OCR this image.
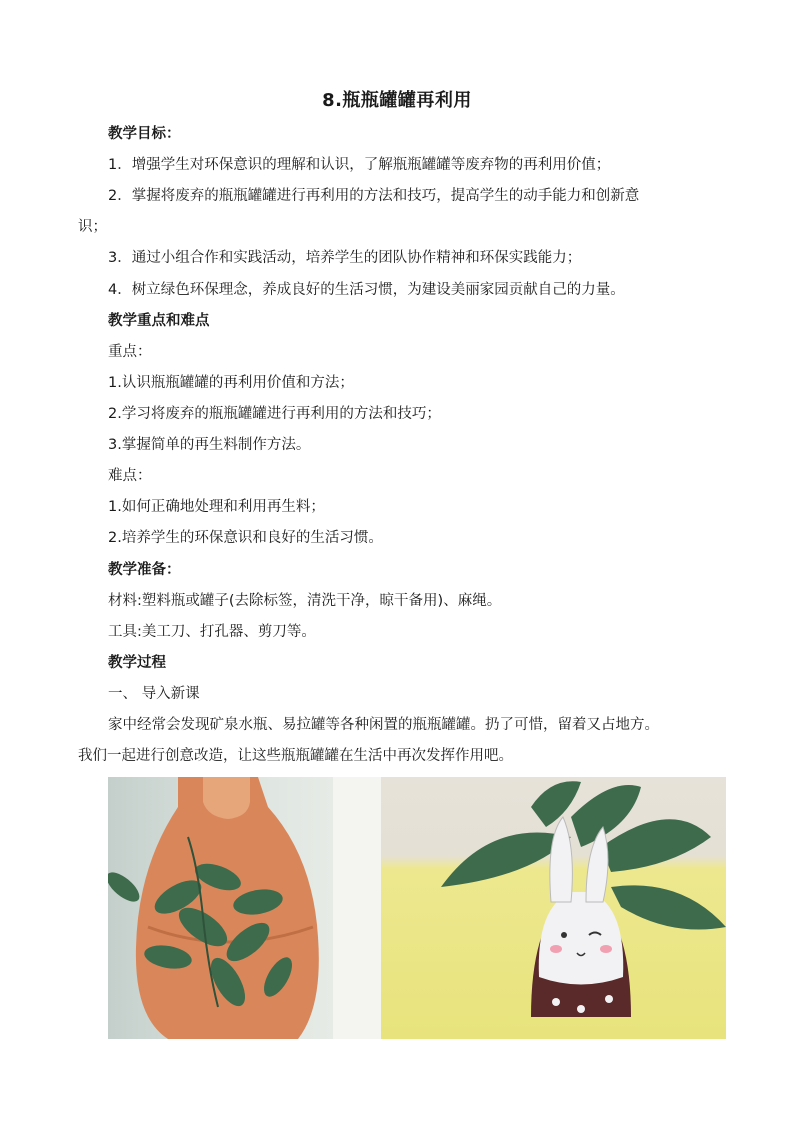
8.瓶瓶罐罐再利用
教学目标：
1．增强学生对环保意识的理解和认识，了解瓶瓶罐罐等废弃物的再利用价值；
2．掌握将废弃的瓶瓶罐罐进行再利用的方法和技巧，提高学生的动手能力和创新意
识；
3．通过小组合作和实践活动，培养学生的团队协作精神和环保实践能力；
4．树立绿色环保理念，养成良好的生活习惯，为建设美丽家园贡献自己的力量。
教学重点和难点
重点：
1.认识瓶瓶罐罐的再利用价值和方法；
2.学习将废弃的瓶瓶罐罐进行再利用的方法和技巧；
3.掌握简单的再生料制作方法。
难点：
1.如何正确地处理和利用再生料；
2.培养学生的环保意识和良好的生活习惯。
教学准备：
材料:塑料瓶或罐子(去除标签，清洗干净，晾干备用)、麻绳。
工具:美工刀、打孔器、剪刀等。
教学过程
一、 导入新课
家中经常会发现矿泉水瓶、易拉罐等各种闲置的瓶瓶罐罐。扔了可惜，留着又占地方。
我们一起进行创意改造，让这些瓶瓶罐罐在生活中再次发挥作用吧。
